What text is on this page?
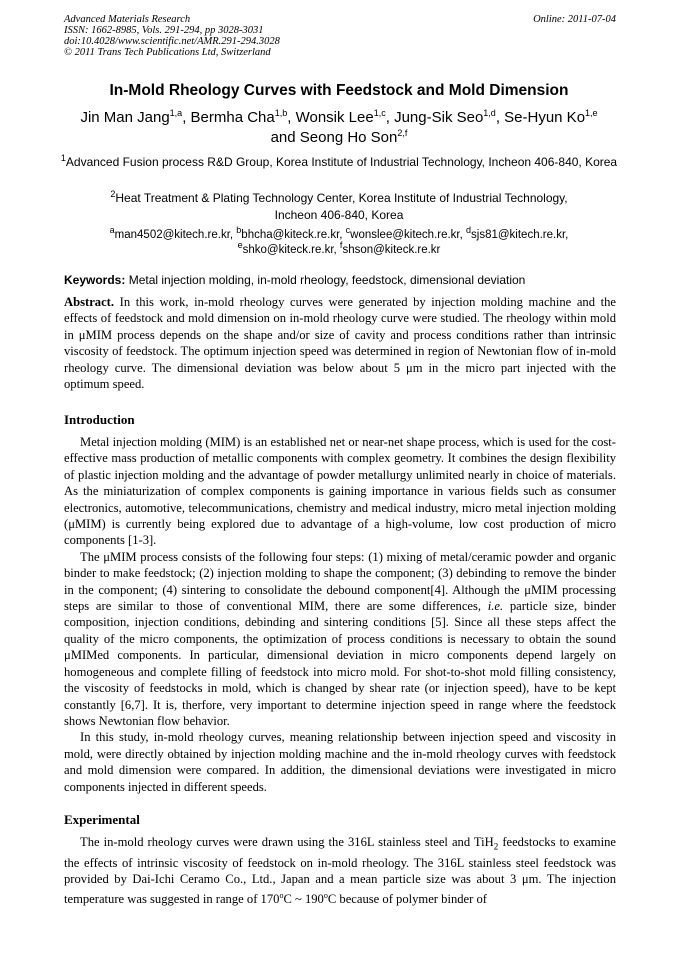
Advanced Materials Research
ISSN: 1662-8985, Vols. 291-294, pp 3028-3031
doi:10.4028/www.scientific.net/AMR.291-294.3028
© 2011 Trans Tech Publications Ltd, Switzerland
Online: 2011-07-04
In-Mold Rheology Curves with Feedstock and Mold Dimension
Jin Man Jang$^{1,a}$, Bermha Cha$^{1,b}$, Wonsik Lee$^{1,c}$, Jung-Sik Seo$^{1,d}$, Se-Hyun Ko$^{1,e}$
and Seong Ho Son$^{2,f}$
$^1$Advanced Fusion process R&D Group, Korea Institute of Industrial Technology, Incheon 406-840, Korea
$^2$Heat Treatment & Plating Technology Center, Korea Institute of Industrial Technology, Incheon 406-840, Korea
$^a$man4502@kitech.re.kr, $^b$bhcha@kiteck.re.kr, $^c$wonslee@kitech.re.kr, $^d$sjs81@kitech.re.kr,
$^e$shko@kiteck.re.kr, $^f$shson@kiteck.re.kr
Keywords: Metal injection molding, in-mold rheology, feedstock, dimensional deviation

Abstract. In this work, in-mold rheology curves were generated by injection molding machine and the effects of feedstock and mold dimension on in-mold rheology curve were studied. The rheology within mold in μMIM process depends on the shape and/or size of cavity and process conditions rather than intrinsic viscosity of feedstock. The optimum injection speed was determined in region of Newtonian flow of in-mold rheology curve. The dimensional deviation was below about 5 μm in the micro part injected with the optimum speed.

Introduction

Metal injection molding (MIM) is an established net or near-net shape process, which is used for the cost-effective mass production of metallic components with complex geometry. It combines the design flexibility of plastic injection molding and the advantage of powder metallurgy unlimited nearly in choice of materials. As the miniaturization of complex components is gaining importance in various fields such as consumer electronics, automotive, telecommunications, chemistry and medical industry, micro metal injection molding (μMIM) is currently being explored due to advantage of a high-volume, low cost production of micro components [1-3].

The μMIM process consists of the following four steps: (1) mixing of metal/ceramic powder and organic binder to make feedstock; (2) injection molding to shape the component; (3) debinding to remove the binder in the component; (4) sintering to consolidate the debound component[4]. Although the μMIM processing steps are similar to those of conventional MIM, there are some differences, i.e. particle size, binder composition, injection conditions, debinding and sintering conditions [5]. Since all these steps affect the quality of the micro components, the optimization of process conditions is necessary to obtain the sound μMIMed components. In particular, dimensional deviation in micro components depend largely on homogeneous and complete filling of feedstock into micro mold. For shot-to-shot mold filling consistency, the viscosity of feedstocks in mold, which is changed by shear rate (or injection speed), have to be kept constantly [6,7]. It is, therfore, very important to determine injection speed in range where the feedstock shows Newtonian flow behavior.

In this study, in-mold rheology curves, meaning relationship between injection speed and viscosity in mold, were directly obtained by injection molding machine and the in-mold rheology curves with feedstock and mold dimension were compared. In addition, the dimensional deviations were investigated in micro components injected in different speeds.

Experimental

The in-mold rheology curves were drawn using the 316L stainless steel and TiH$_2$ feedstocks to examine the effects of intrinsic viscosity of feedstock on in-mold rheology. The 316L stainless steel feedstock was provided by Dai-Ichi Ceramo Co., Ltd., Japan and a mean particle size was about 3 μm. The injection temperature was suggested in range of 170$^o$C ~ 190$^o$C because of polymer binder of
